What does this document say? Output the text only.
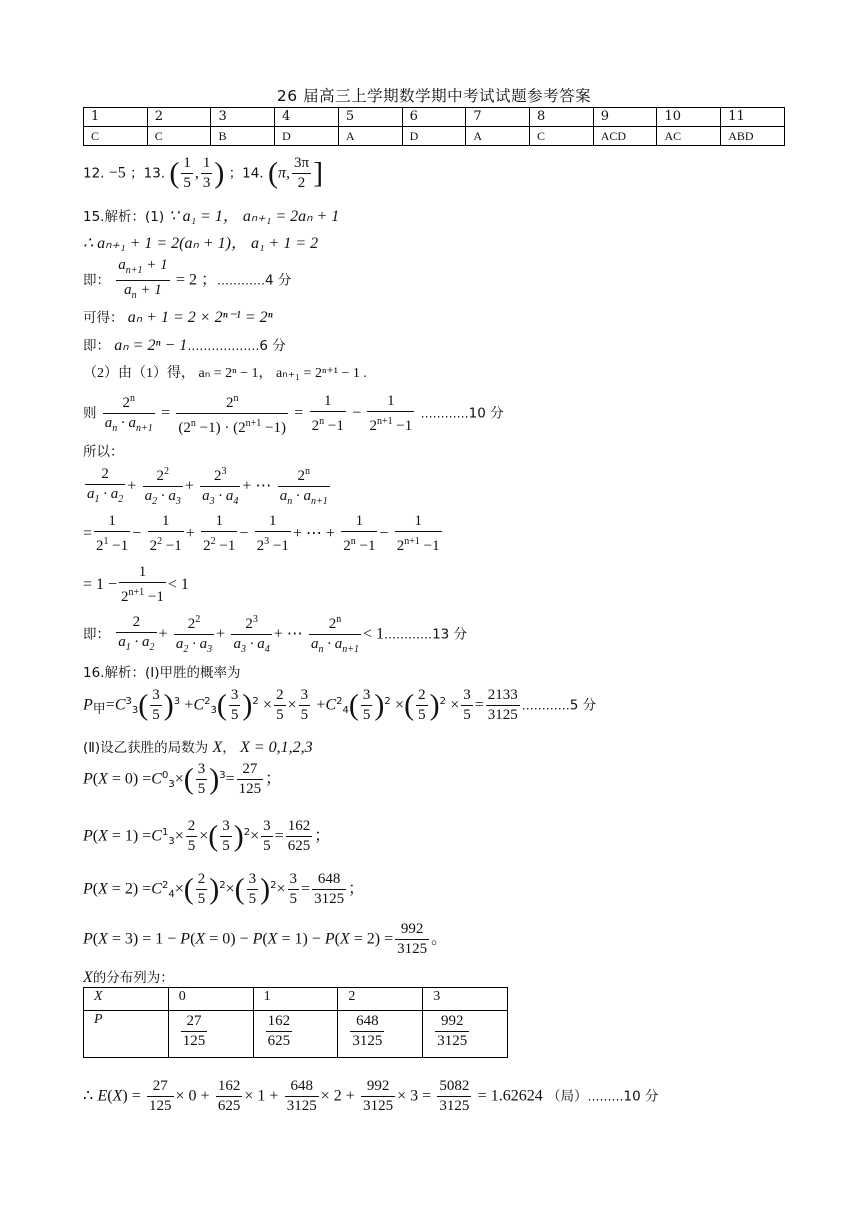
26 届高三上学期数学期中考试试题参考答案
1	2	3	4	5	6	7	8	9	10	11
C	C	B	D	A	D	A	C	ACD	AC	ABD
12. −5 ；13. ( $\frac{1}{5}$ , $\frac{1}{3}$ ) ；14. (π, $\frac{3\pi}{2}$ ]
15.解析：(1) ∵ a₁ = 1， aₙ₊₁ = 2aₙ + 1
∴ aₙ₊₁ + 1 = 2(aₙ + 1)， a₁ + 1 = 2
即： $\frac{a_{n+1} + 1}{a_n + 1} = 2$ ；…………4 分
可得： aₙ + 1 = 2 × 2ⁿ⁻¹ = 2ⁿ
即： aₙ = 2ⁿ − 1………………6 分
（2）由（1）得， aₙ = 2ⁿ − 1， aₙ₊₁ = 2ⁿ⁺¹ − 1 .
则 $\frac{2^n}{a_n \cdot a_{n+1}} = \frac{2^n}{(2^n -1) \cdot (2^{n+1} -1)} = \frac{1}{2^n -1} - \frac{1}{2^{n+1} -1}$ …………10 分
所以：
$\frac{2}{a_1 \cdot a_2} + \frac{2^2}{a_2 \cdot a_3} + \frac{2^3}{a_3 \cdot a_4}$ + ⋯ $\frac{2^n}{a_n \cdot a_{n+1}}$
= $\frac{1}{2^1 -1} - \frac{1}{2^2 -1} + \frac{1}{2^2 -1} - \frac{1}{2^3 -1}$ + ⋯ + $\frac{1}{2^n -1} - \frac{1}{2^{n+1} -1}$
= $1 - \frac{1}{2^{n+1} -1} < 1$
即： $\frac{2}{a_1 \cdot a_2} + \frac{2^2}{a_2 \cdot a_3} + \frac{2^3}{a_3 \cdot a_4}$ + ⋯ $\frac{2^n}{a_n \cdot a_{n+1}}$ < 1…………13 分
16.解析：(Ⅰ)甲胜的概率为
$P_甲=C^3_3( \frac{3}{5} )^3 +C^2_3( \frac{3}{5} )^2 \times \frac{2}{5} \times \frac{3}{5} +C^2_4( \frac{3}{5} )^2$ ×( $\frac{2}{5} )^2 \times \frac{3}{5} = \frac{2133}{3125}$ …………5 分
(Ⅱ)设乙获胜的局数为 X， X = 0,1,2,3
$P(X = 0) =C^0_3\times( \frac{3}{5} )^3= \frac{27}{125}$ ；
$P(X = 1) =C^1_3\times \frac{2}{5}$ ×( $\frac{3}{5} )^2\times \frac{3}{5} = \frac{162}{625}$ ；
$P(X = 2) =C^2_4\times( \frac{2}{5} )^2\times( \frac{3}{5} )^2\times \frac{3}{5} = \frac{648}{3125}$ ；
$P(X = 3) = 1 - P(X = 0) - P(X = 1) - P(X = 2) = \frac{992}{3125}$ 。
X的分布列为：
X	0	1	2	3
P	$\frac{27}{125}$	$\frac{162}{625}$	$\frac{648}{3125}$	$\frac{992}{3125}$
∴ $E(X) = \frac{27}{125} \times 0 + \frac{162}{625} \times 1 + \frac{648}{3125} \times 2 + \frac{992}{3125} \times 3 = \frac{5082}{3125} = 1.62624$ （局）………10 分
